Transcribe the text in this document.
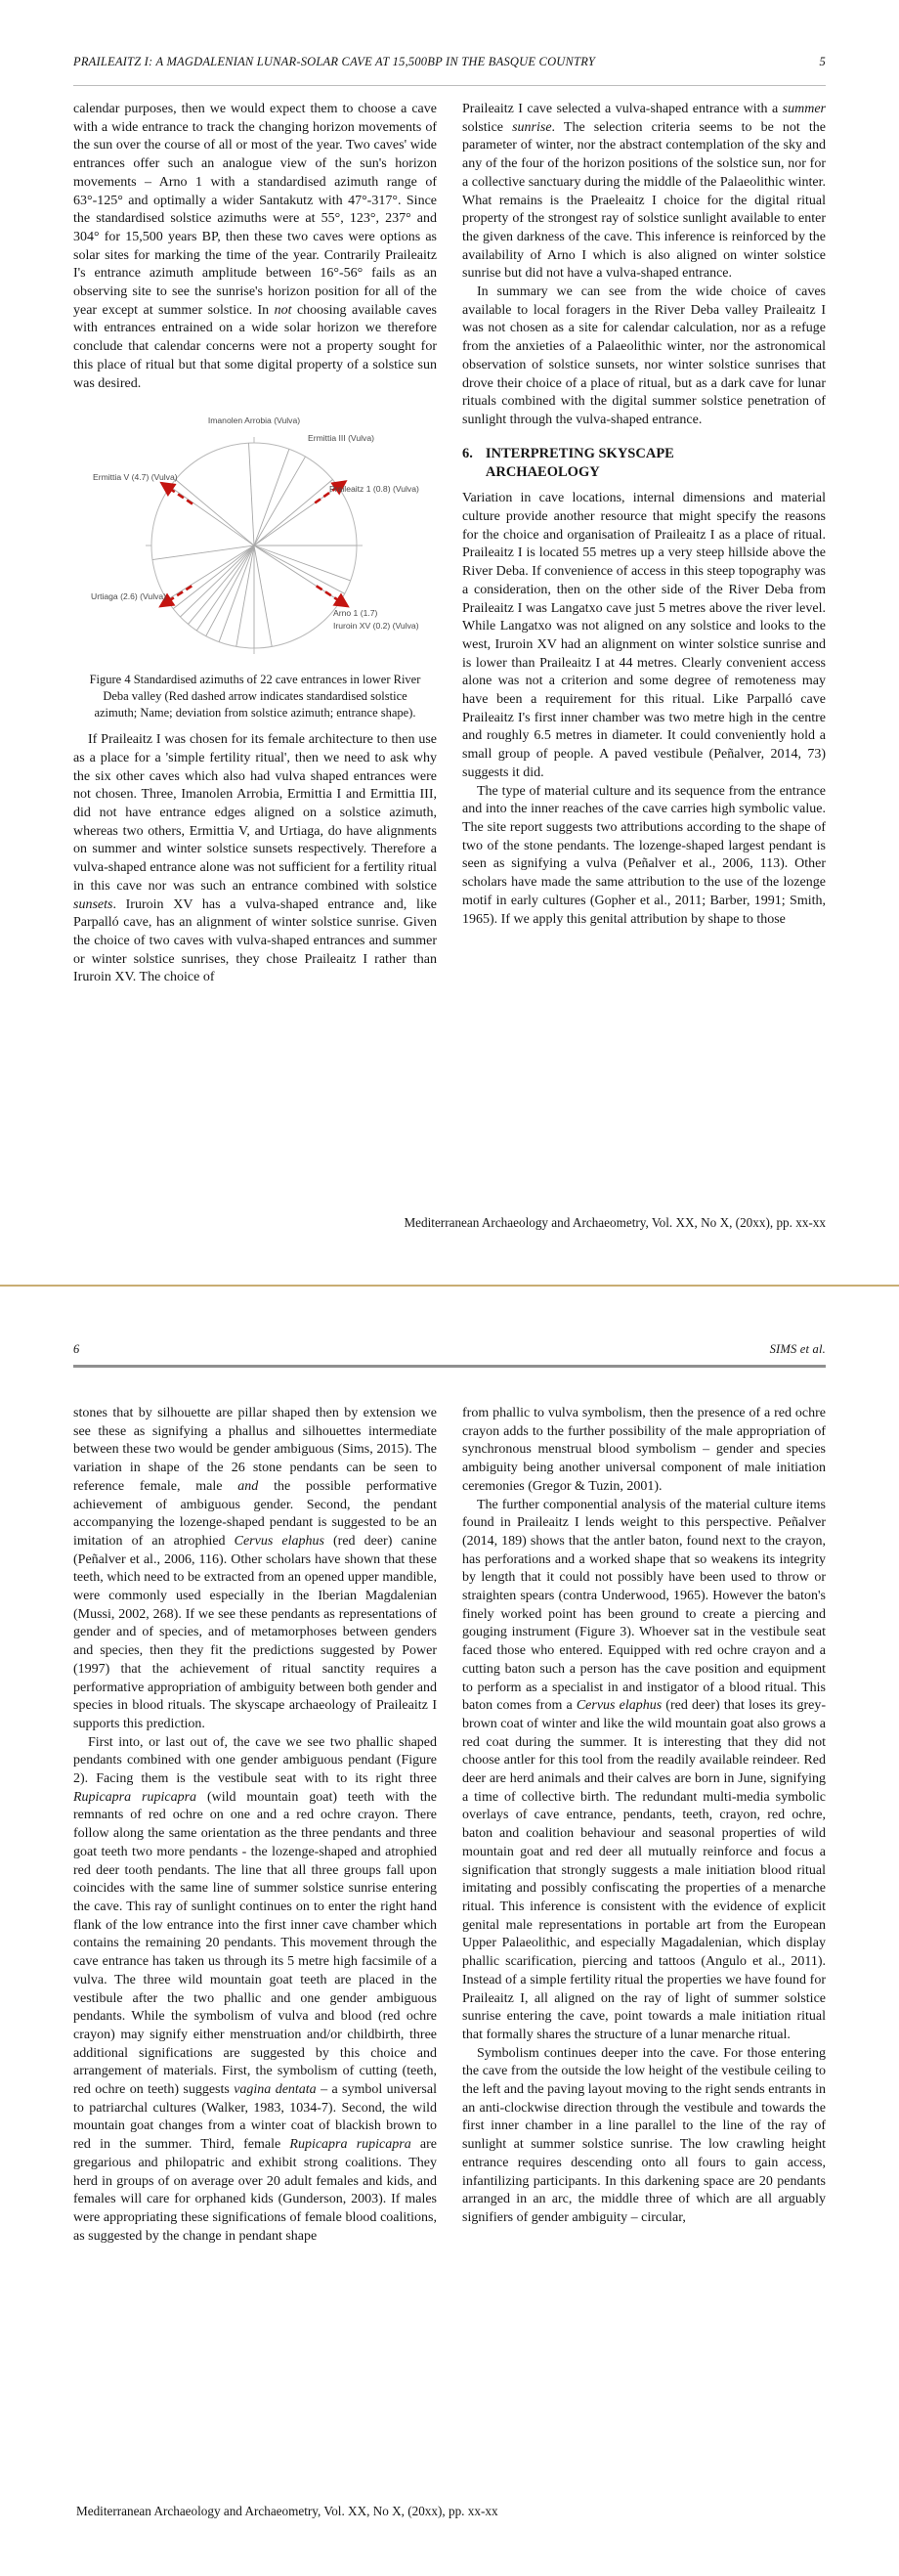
PRAILEAITZ I: A MAGDALENIAN LUNAR-SOLAR CAVE AT 15,500BP IN THE BASQUE COUNTRY	5

calendar purposes, then we would expect them to choose a cave with a wide entrance to track the changing horizon movements of the sun over the course of all or most of the year. Two caves' wide entrances offer such an analogue view of the sun's horizon movements – Arno 1 with a standardised azimuth range of 63°-125° and optimally a wider Santakutz with 47°-317°. Since the standardised solstice azimuths were at 55°, 123°, 237° and 304° for 15,500 years BP, then these two caves were options as solar sites for marking the time of the year. Contrarily Praileaitz I's entrance azimuth amplitude between 16°-56° fails as an observing site to see the sunrise's horizon position for all of the year except at summer solstice. In not choosing available caves with entrances entrained on a wide solar horizon we therefore conclude that calendar concerns were not a property sought for this place of ritual but that some digital property of a solstice sun was desired.

Imanolen Arrobia (Vulva)
Ermittia III (Vulva)
Praileaitz 1 (0.8) (Vulva)
Ermittia V (4.7) (Vulva)
Urtiaga (2.6) (Vulva)
Arno 1 (1.7)
Iruroin XV (0.2) (Vulva)

Figure 4 Standardised azimuths of 22 cave entrances in lower River Deba valley (Red dashed arrow indicates standardised solstice azimuth; Name; deviation from solstice azimuth; entrance shape).

If Praileaitz I was chosen for its female architecture to then use as a place for a 'simple fertility ritual', then we need to ask why the six other caves which also had vulva shaped entrances were not chosen. Three, Imanolen Arrobia, Ermittia I and Ermittia III, did not have entrance edges aligned on a solstice azimuth, whereas two others, Ermittia V, and Urtiaga, do have alignments on summer and winter solstice sunsets respectively. Therefore a vulva-shaped entrance alone was not sufficient for a fertility ritual in this cave nor was such an entrance combined with solstice sunsets. Iruroin XV has a vulva-shaped entrance and, like Parpalló cave, has an alignment of winter solstice sunrise. Given the choice of two caves with vulva-shaped entrances and summer or winter solstice sunrises, they chose Praileaitz I rather than Iruroin XV. The choice of

Praileaitz I cave selected a vulva-shaped entrance with a summer solstice sunrise. The selection criteria seems to be not the parameter of winter, nor the abstract contemplation of the sky and any of the four of the horizon positions of the solstice sun, nor for a collective sanctuary during the middle of the Palaeolithic winter. What remains is the Praeleaitz I choice for the digital ritual property of the strongest ray of solstice sunlight available to enter the given darkness of the cave. This inference is reinforced by the availability of Arno I which is also aligned on winter solstice sunrise but did not have a vulva-shaped entrance.

In summary we can see from the wide choice of caves available to local foragers in the River Deba valley Praileaitz I was not chosen as a site for calendar calculation, nor as a refuge from the anxieties of a Palaeolithic winter, nor the astronomical observation of solstice sunsets, nor winter solstice sunrises that drove their choice of a place of ritual, but as a dark cave for lunar rituals combined with the digital summer solstice penetration of sunlight through the vulva-shaped entrance.

6. INTERPRETING SKYSCAPE ARCHAEOLOGY

Variation in cave locations, internal dimensions and material culture provide another resource that might specify the reasons for the choice and organisation of Praileaitz I as a place of ritual. Praileaitz I is located 55 metres up a very steep hillside above the River Deba. If convenience of access in this steep topography was a consideration, then on the other side of the River Deba from Praileaitz I was Langatxo cave just 5 metres above the river level. While Langatxo was not aligned on any solstice and looks to the west, Iruroin XV had an alignment on winter solstice sunrise and is lower than Praileaitz I at 44 metres. Clearly convenient access alone was not a criterion and some degree of remoteness may have been a requirement for this ritual. Like Parpalló cave Praileaitz I's first inner chamber was two metre high in the centre and roughly 6.5 metres in diameter. It could conveniently hold a small group of people. A paved vestibule (Peñalver, 2014, 73) suggests it did.

The type of material culture and its sequence from the entrance and into the inner reaches of the cave carries high symbolic value. The site report suggests two attributions according to the shape of two of the stone pendants. The lozenge-shaped largest pendant is seen as signifying a vulva (Peñalver et al., 2006, 113). Other scholars have made the same attribution to the use of the lozenge motif in early cultures (Gopher et al., 2011; Barber, 1991; Smith, 1965). If we apply this genital attribution by shape to those

Mediterranean Archaeology and Archaeometry, Vol. XX, No X, (20xx), pp. xx-xx
6	SIMS et al.

stones that by silhouette are pillar shaped then by extension we see these as signifying a phallus and silhouettes intermediate between these two would be gender ambiguous (Sims, 2015). The variation in shape of the 26 stone pendants can be seen to reference female, male and the possible performative achievement of ambiguous gender. Second, the pendant accompanying the lozenge-shaped pendant is suggested to be an imitation of an atrophied Cervus elaphus (red deer) canine (Peñalver et al., 2006, 116). Other scholars have shown that these teeth, which need to be extracted from an opened upper mandible, were commonly used especially in the Iberian Magdalenian (Mussi, 2002, 268). If we see these pendants as representations of gender and of species, and of metamorphoses between genders and species, then they fit the predictions suggested by Power (1997) that the achievement of ritual sanctity requires a performative appropriation of ambiguity between both gender and species in blood rituals. The skyscape archaeology of Praileaitz I supports this prediction.

First into, or last out of, the cave we see two phallic shaped pendants combined with one gender ambiguous pendant (Figure 2). Facing them is the vestibule seat with to its right three Rupicapra rupicapra (wild mountain goat) teeth with the remnants of red ochre on one and a red ochre crayon. There follow along the same orientation as the three pendants and three goat teeth two more pendants - the lozenge-shaped and atrophied red deer tooth pendants. The line that all three groups fall upon coincides with the same line of summer solstice sunrise entering the cave. This ray of sunlight continues on to enter the right hand flank of the low entrance into the first inner cave chamber which contains the remaining 20 pendants. This movement through the cave entrance has taken us through its 5 metre high facsimile of a vulva. The three wild mountain goat teeth are placed in the vestibule after the two phallic and one gender ambiguous pendants. While the symbolism of vulva and blood (red ochre crayon) may signify either menstruation and/or childbirth, three additional significations are suggested by this choice and arrangement of materials. First, the symbolism of cutting (teeth, red ochre on teeth) suggests vagina dentata – a symbol universal to patriarchal cultures (Walker, 1983, 1034-7). Second, the wild mountain goat changes from a winter coat of blackish brown to red in the summer. Third, female Rupicapra rupicapra are gregarious and philopatric and exhibit strong coalitions. They herd in groups of on average over 20 adult females and kids, and females will care for orphaned kids (Gunderson, 2003). If males were appropriating these significations of female blood coalitions, as suggested by the change in pendant shape

from phallic to vulva symbolism, then the presence of a red ochre crayon adds to the further possibility of the male appropriation of synchronous menstrual blood symbolism – gender and species ambiguity being another universal component of male initiation ceremonies (Gregor & Tuzin, 2001).

The further componential analysis of the material culture items found in Praileaitz I lends weight to this perspective. Peñalver (2014, 189) shows that the antler baton, found next to the crayon, has perforations and a worked shape that so weakens its integrity by length that it could not possibly have been used to throw or straighten spears (contra Underwood, 1965). However the baton's finely worked point has been ground to create a piercing and gouging instrument (Figure 3). Whoever sat in the vestibule seat faced those who entered. Equipped with red ochre crayon and a cutting baton such a person has the cave position and equipment to perform as a specialist in and instigator of a blood ritual. This baton comes from a Cervus elaphus (red deer) that loses its grey-brown coat of winter and like the wild mountain goat also grows a red coat during the summer. It is interesting that they did not choose antler for this tool from the readily available reindeer. Red deer are herd animals and their calves are born in June, signifying a time of collective birth. The redundant multi-media symbolic overlays of cave entrance, pendants, teeth, crayon, red ochre, baton and coalition behaviour and seasonal properties of wild mountain goat and red deer all mutually reinforce and focus a signification that strongly suggests a male initiation blood ritual imitating and possibly confiscating the properties of a menarche ritual. This inference is consistent with the evidence of explicit genital male representations in portable art from the European Upper Palaeolithic, and especially Magadalenian, which display phallic scarification, piercing and tattoos (Angulo et al., 2011). Instead of a simple fertility ritual the properties we have found for Praileaitz I, all aligned on the ray of light of summer solstice sunrise entering the cave, point towards a male initiation ritual that formally shares the structure of a lunar menarche ritual.

Symbolism continues deeper into the cave. For those entering the cave from the outside the low height of the vestibule ceiling to the left and the paving layout moving to the right sends entrants in an anti-clockwise direction through the vestibule and towards the first inner chamber in a line parallel to the line of the ray of sunlight at summer solstice sunrise. The low crawling height entrance requires descending onto all fours to gain access, infantilizing participants. In this darkening space are 20 pendants arranged in an arc, the middle three of which are all arguably signifiers of gender ambiguity – circular,

Mediterranean Archaeology and Archaeometry, Vol. XX, No X, (20xx), pp. xx-xx
